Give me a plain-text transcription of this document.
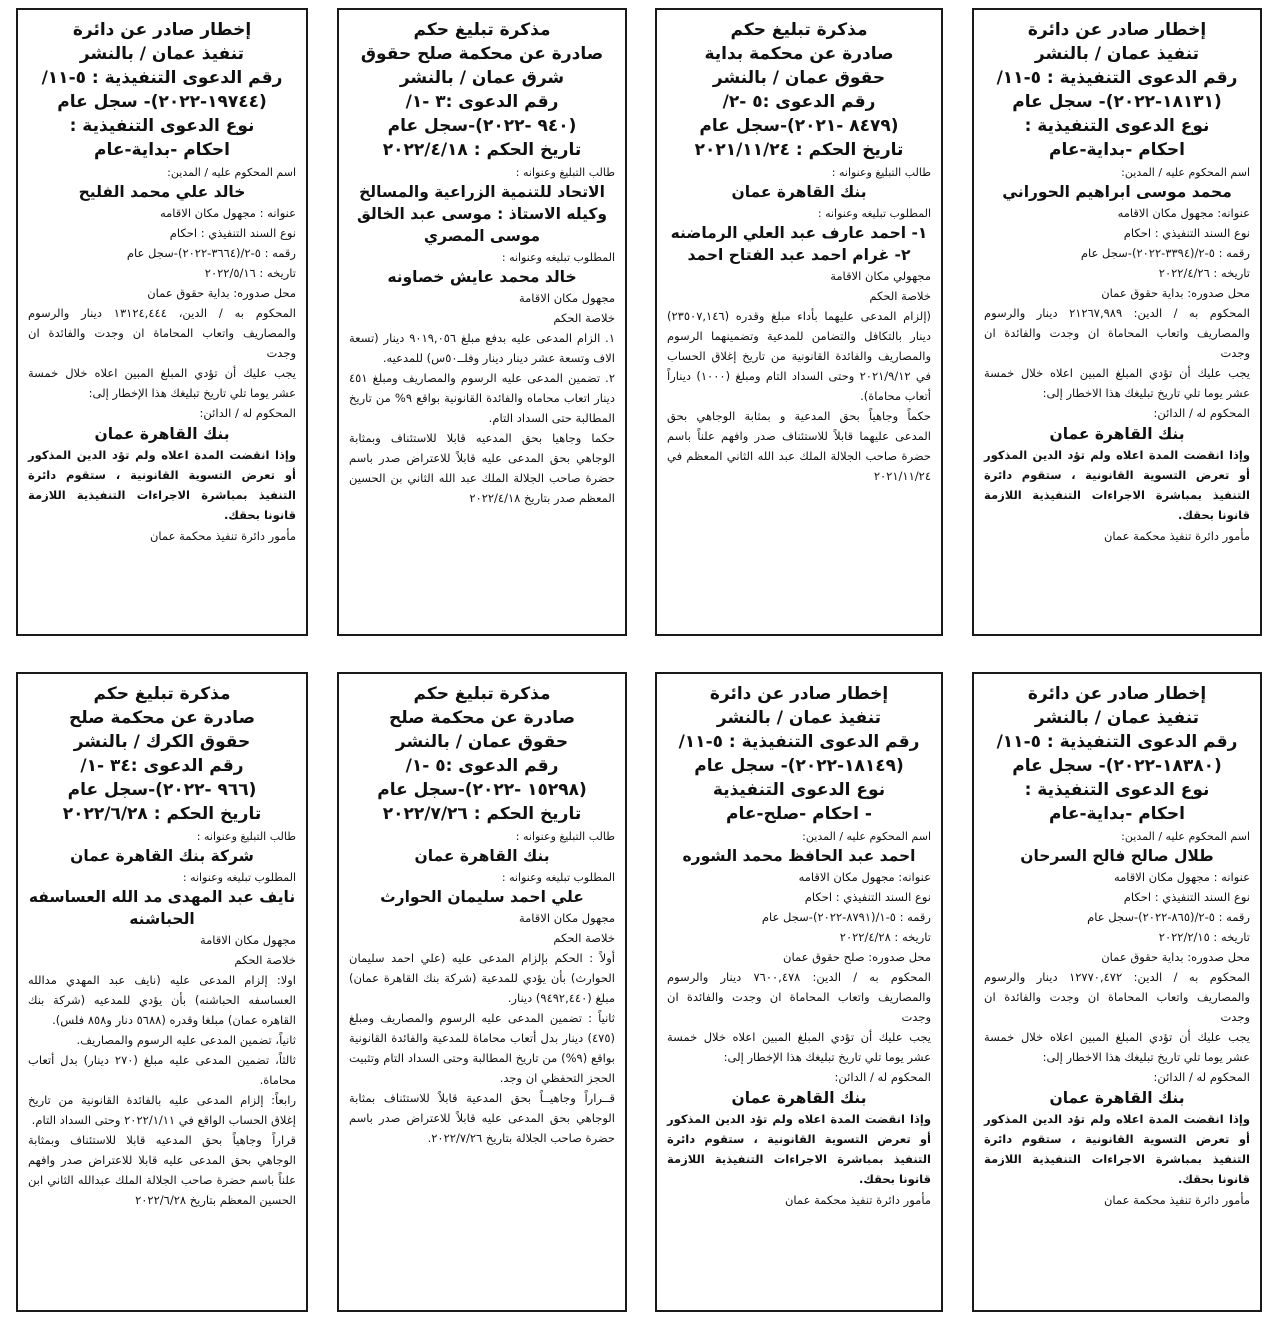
إخطار صادر عن دائرة
تنفيذ عمان / بالنشر
رقم الدعوى التنفيذية : ٥-١١/
(١٨١٣١-٢٠٢٢)- سجل عام
نوع الدعوى التنفيذية :
احكام -بداية-عام
اسم المحكوم عليه / المدين:
محمد موسى ابراهيم الحوراني
عنوانه: مجهول مكان الاقامه
نوع السند التنفيذي : احكام
رقمه : ٥-٢/(٣٣٩٤-٢٠٢٢)-سجل عام
تاريخه : ٢٠٢٢/٤/٢٦
محل صدوره: بداية حقوق عمان
المحكوم به / الدين: ٢١٢٦٧,٩٨٩ دينار والرسوم والمصاريف واتعاب المحاماة ان وجدت والفائدة ان وجدت
يجب عليك أن تؤدي المبلغ المبين اعلاه خلال خمسة عشر يوما تلي تاريخ تبليغك هذا الاخطار إلى:
المحكوم له / الدائن:
بنك القاهرة عمان
وإذا انقضت المدة اعلاه ولم تؤد الدين المذكور أو تعرض التسوية القانونية ، ستقوم دائرة التنفيذ بمباشرة الاجراءات التنفيذية اللازمة قانونا بحقك.
مأمور دائرة تنفيذ محكمة عمان
مذكرة تبليغ حكم
صادرة عن محكمة بداية
حقوق عمان / بالنشر
رقم الدعوى :٥ -٢/
(٨٤٧٩ -٢٠٢١)-سجل عام
تاريخ الحكم : ٢٠٢١/١١/٢٤
طالب التبليغ وعنوانه :
بنك القاهرة عمان
المطلوب تبليغه وعنوانه :
١- احمد عارف عبد العلي الرماضنه
٢- غرام احمد عبد الفتاح احمد
مجهولي مكان الاقامة
خلاصة الحكم
(إلزام المدعى عليهما بأداء مبلغ وقدره (٢٣٥٠٧,١٤٦) دينار بالتكافل والتضامن للمدعية وتضمينهما الرسوم والمصاريف والفائدة القانونية من تاريخ إغلاق الحساب في ٢٠٢١/٩/١٢ وحتى السداد التام ومبلغ (١٠٠٠) ديناراً أتعاب محاماة).
حكماً وجاهياً بحق المدعية و بمثابة الوجاهي بحق المدعى عليهما قابلاً للاستئناف صدر وافهم علناً باسم حضرة صاحب الجلالة الملك عبد الله الثاني المعظم في ٢٠٢١/١١/٢٤
مذكرة تبليغ حكم
صادرة عن محكمة صلح حقوق
شرق عمان / بالنشر
رقم الدعوى :٣ -١/
(٩٤٠ -٢٠٢٢)-سجل عام
تاريخ الحكم : ٢٠٢٢/٤/١٨
طالب التبليغ وعنوانه :
الاتحاد للتنمية الزراعية والمسالخ وكيله الاستاذ : موسى عبد الخالق موسى المصري
المطلوب تبليغه وعنوانه :
خالد محمد عايش خصاونه
مجهول مكان الاقامة
خلاصة الحكم
١. الزام المدعى عليه بدفع مبلغ ٩٠١٩,٠٥٦ دينار (تسعة الاف وتسعة عشر دينار دينار وفلــ٥٠س) للمدعيه.
٢. تضمين المدعى عليه الرسوم والمصاريف ومبلغ ٤٥١ دينار اتعاب محاماه والفائدة القانونية بواقع ٩% من تاريخ المطالبة حتى السداد التام.
حكما وجاهيا بحق المدعيه قابلا للاستئناف وبمثابة الوجاهي بحق المدعى عليه قابلاً للاعتراض صدر باسم حضرة صاحب الجلالة الملك عبد الله الثاني بن الحسين المعظم صدر بتاريخ ٢٠٢٢/٤/١٨
إخطار صادر عن دائرة
تنفيذ عمان / بالنشر
رقم الدعوى التنفيذية : ٥-١١/
(١٩٧٤٤-٢٠٢٢)- سجل عام
نوع الدعوى التنفيذية :
احكام -بداية-عام
اسم المحكوم عليه / المدين:
خالد علي محمد الفليح
عنوانه : مجهول مكان الاقامه
نوع السند التنفيذي : احكام
رقمه : ٥-٢/(٣٦٦٤-٢٠٢٢)-سجل عام
تاريخه : ٢٠٢٢/٥/١٦
محل صدوره: بداية حقوق عمان
المحكوم به / الدين، ١٣١٢٤,٤٤٤ دينار والرسوم والمصاريف واتعاب المحاماة ان وجدت والفائدة ان وجدت
يجب عليك أن تؤدي المبلغ المبين اعلاه خلال خمسة عشر يوما تلي تاريخ تبليغك هذا الإخطار إلى:
المحكوم له / الدائن:
بنك القاهرة عمان
وإذا انقضت المدة اعلاه ولم تؤد الدين المذكور أو تعرض التسوية القانونية ، ستقوم دائرة التنفيذ بمباشرة الاجراءات التنفيذية اللازمة قانونا بحقك.
مأمور دائرة تنفيذ محكمة عمان
إخطار صادر عن دائرة
تنفيذ عمان / بالنشر
رقم الدعوى التنفيذية : ٥-١١/
(١٨٣٨٠-٢٠٢٢)- سجل عام
نوع الدعوى التنفيذية :
احكام -بداية-عام
اسم المحكوم عليه / المدين:
طلال صالح فالح السرحان
عنوانه : مجهول مكان الاقامه
نوع السند التنفيذي : احكام
رقمه : ٥-٢/(٨٦٥-٢٠٢٢)-سجل عام
تاريخه : ٢٠٢٢/٢/١٥
محل صدوره: بداية حقوق عمان
المحكوم به / الدين: ١٢٧٧٠,٤٧٢ دينار والرسوم والمصاريف واتعاب المحاماة ان وجدت والفائدة ان وجدت
يجب عليك أن تؤدي المبلغ المبين اعلاه خلال خمسة عشر يوما تلي تاريخ تبليغك هذا الاخطار إلى:
المحكوم له / الدائن:
بنك القاهرة عمان
وإذا انقضت المدة اعلاه ولم تؤد الدين المذكور أو تعرض التسوية القانونية ، ستقوم دائرة التنفيذ بمباشرة الاجراءات التنفيذية اللازمة قانونا بحقك.
مأمور دائرة تنفيذ محكمة عمان
إخطار صادر عن دائرة
تنفيذ عمان / بالنشر
رقم الدعوى التنفيذية : ٥-١١/
(١٨١٤٩-٢٠٢٢)- سجل عام
نوع الدعوى التنفيذية
- احكام -صلح-عام
اسم المحكوم عليه / المدين:
احمد عبد الحافظ محمد الشوره
عنوانه: مجهول مكان الاقامه
نوع السند التنفيذي : احكام
رقمه : ٥-١/(٨٧٩١-٢٠٢٢)-سجل عام
تاريخه : ٢٠٢٢/٤/٢٨
محل صدوره: صلح حقوق عمان
المحكوم به / الدين: ٧٦٠٠,٤٧٨ دينار والرسوم والمصاريف واتعاب المحاماة ان وجدت والفائدة ان وجدت
يجب عليك أن تؤدي المبلغ المبين اعلاه خلال خمسة عشر يوما تلي تاريخ تبليغك هذا الإخطار إلى:
المحكوم له / الدائن:
بنك القاهرة عمان
وإذا انقضت المدة اعلاه ولم تؤد الدين المذكور أو تعرض التسوية القانونية ، ستقوم دائرة التنفيذ بمباشرة الاجراءات التنفيذية اللازمة قانونا بحقك.
مأمور دائرة تنفيذ محكمة عمان
مذكرة تبليغ حكم
صادرة عن محكمة صلح
حقوق عمان / بالنشر
رقم الدعوى :٥ -١/
(١٥٢٩٨ -٢٠٢٢)-سجل عام
تاريخ الحكم : ٢٠٢٢/٧/٢٦
طالب التبليغ وعنوانه :
بنك القاهرة عمان
المطلوب تبليغه وعنوانه :
علي احمد سليمان الحوارث
مجهول مكان الاقامة
خلاصة الحكم
أولاً : الحكم بإلزام المدعى عليه (علي احمد سليمان الحوارث) بأن يؤدي للمدعية (شركة بنك القاهرة عمان) مبلغ (٩٤٩٢,٤٤٠) دينار.
ثانياً : تضمين المدعى عليه الرسوم والمصاريف ومبلغ (٤٧٥) دينار بدل أتعاب محاماة للمدعية والفائدة القانونية بواقع (٩%) من تاريخ المطالبة وحتى السداد التام وتثبيت الحجز التحفظي ان وجد.
قــراراً وجاهيــاً بحق المدعية قابلاً للاستئناف بمثابة الوجاهي بحق المدعى عليه قابلاً للاعتراض صدر باسم حضرة صاحب الجلالة بتاريخ ٢٠٢٢/٧/٢٦.
مذكرة تبليغ حكم
صادرة عن محكمة صلح
حقوق الكرك / بالنشر
رقم الدعوى :٣٤ -١/
(٩٦٦ -٢٠٢٢)-سجل عام
تاريخ الحكم : ٢٠٢٢/٦/٢٨
طالب التبليغ وعنوانه :
شركة بنك القاهرة عمان
المطلوب تبليغه وعنوانه :
نايف عبد المهدى مد الله العساسفه الحباشنه
مجهول مكان الاقامة
خلاصة الحكم
اولا: إلزام المدعى عليه (نايف عبد المهدي مدالله العساسفه الحباشنه) بأن يؤدي للمدعيه (شركة بنك القاهره عمان) مبلغا وقدره (٥٦٨٨ دنار و٨٥٨ فلس).
ثانياً، تضمين المدعى عليه الرسوم والمصاريف.
ثالثاً، تضمين المدعى عليه مبلغ (٢٧٠ دينار) بدل أتعاب محاماة.
رابعاً: إلزام المدعى عليه بالفائدة القانونية من تاريخ إغلاق الحساب الواقع في ٢٠٢٢/١/١١ وحتى السداد التام.
قراراً وجاهياً بحق المدعيه قابلا للاستئناف وبمثابة الوجاهي بحق المدعى عليه قابلا للاعتراض صدر وافهم علناً باسم حضرة صاحب الجلالة الملك عبدالله الثاني ابن الحسين المعظم بتاريخ ٢٠٢٢/٦/٢٨
